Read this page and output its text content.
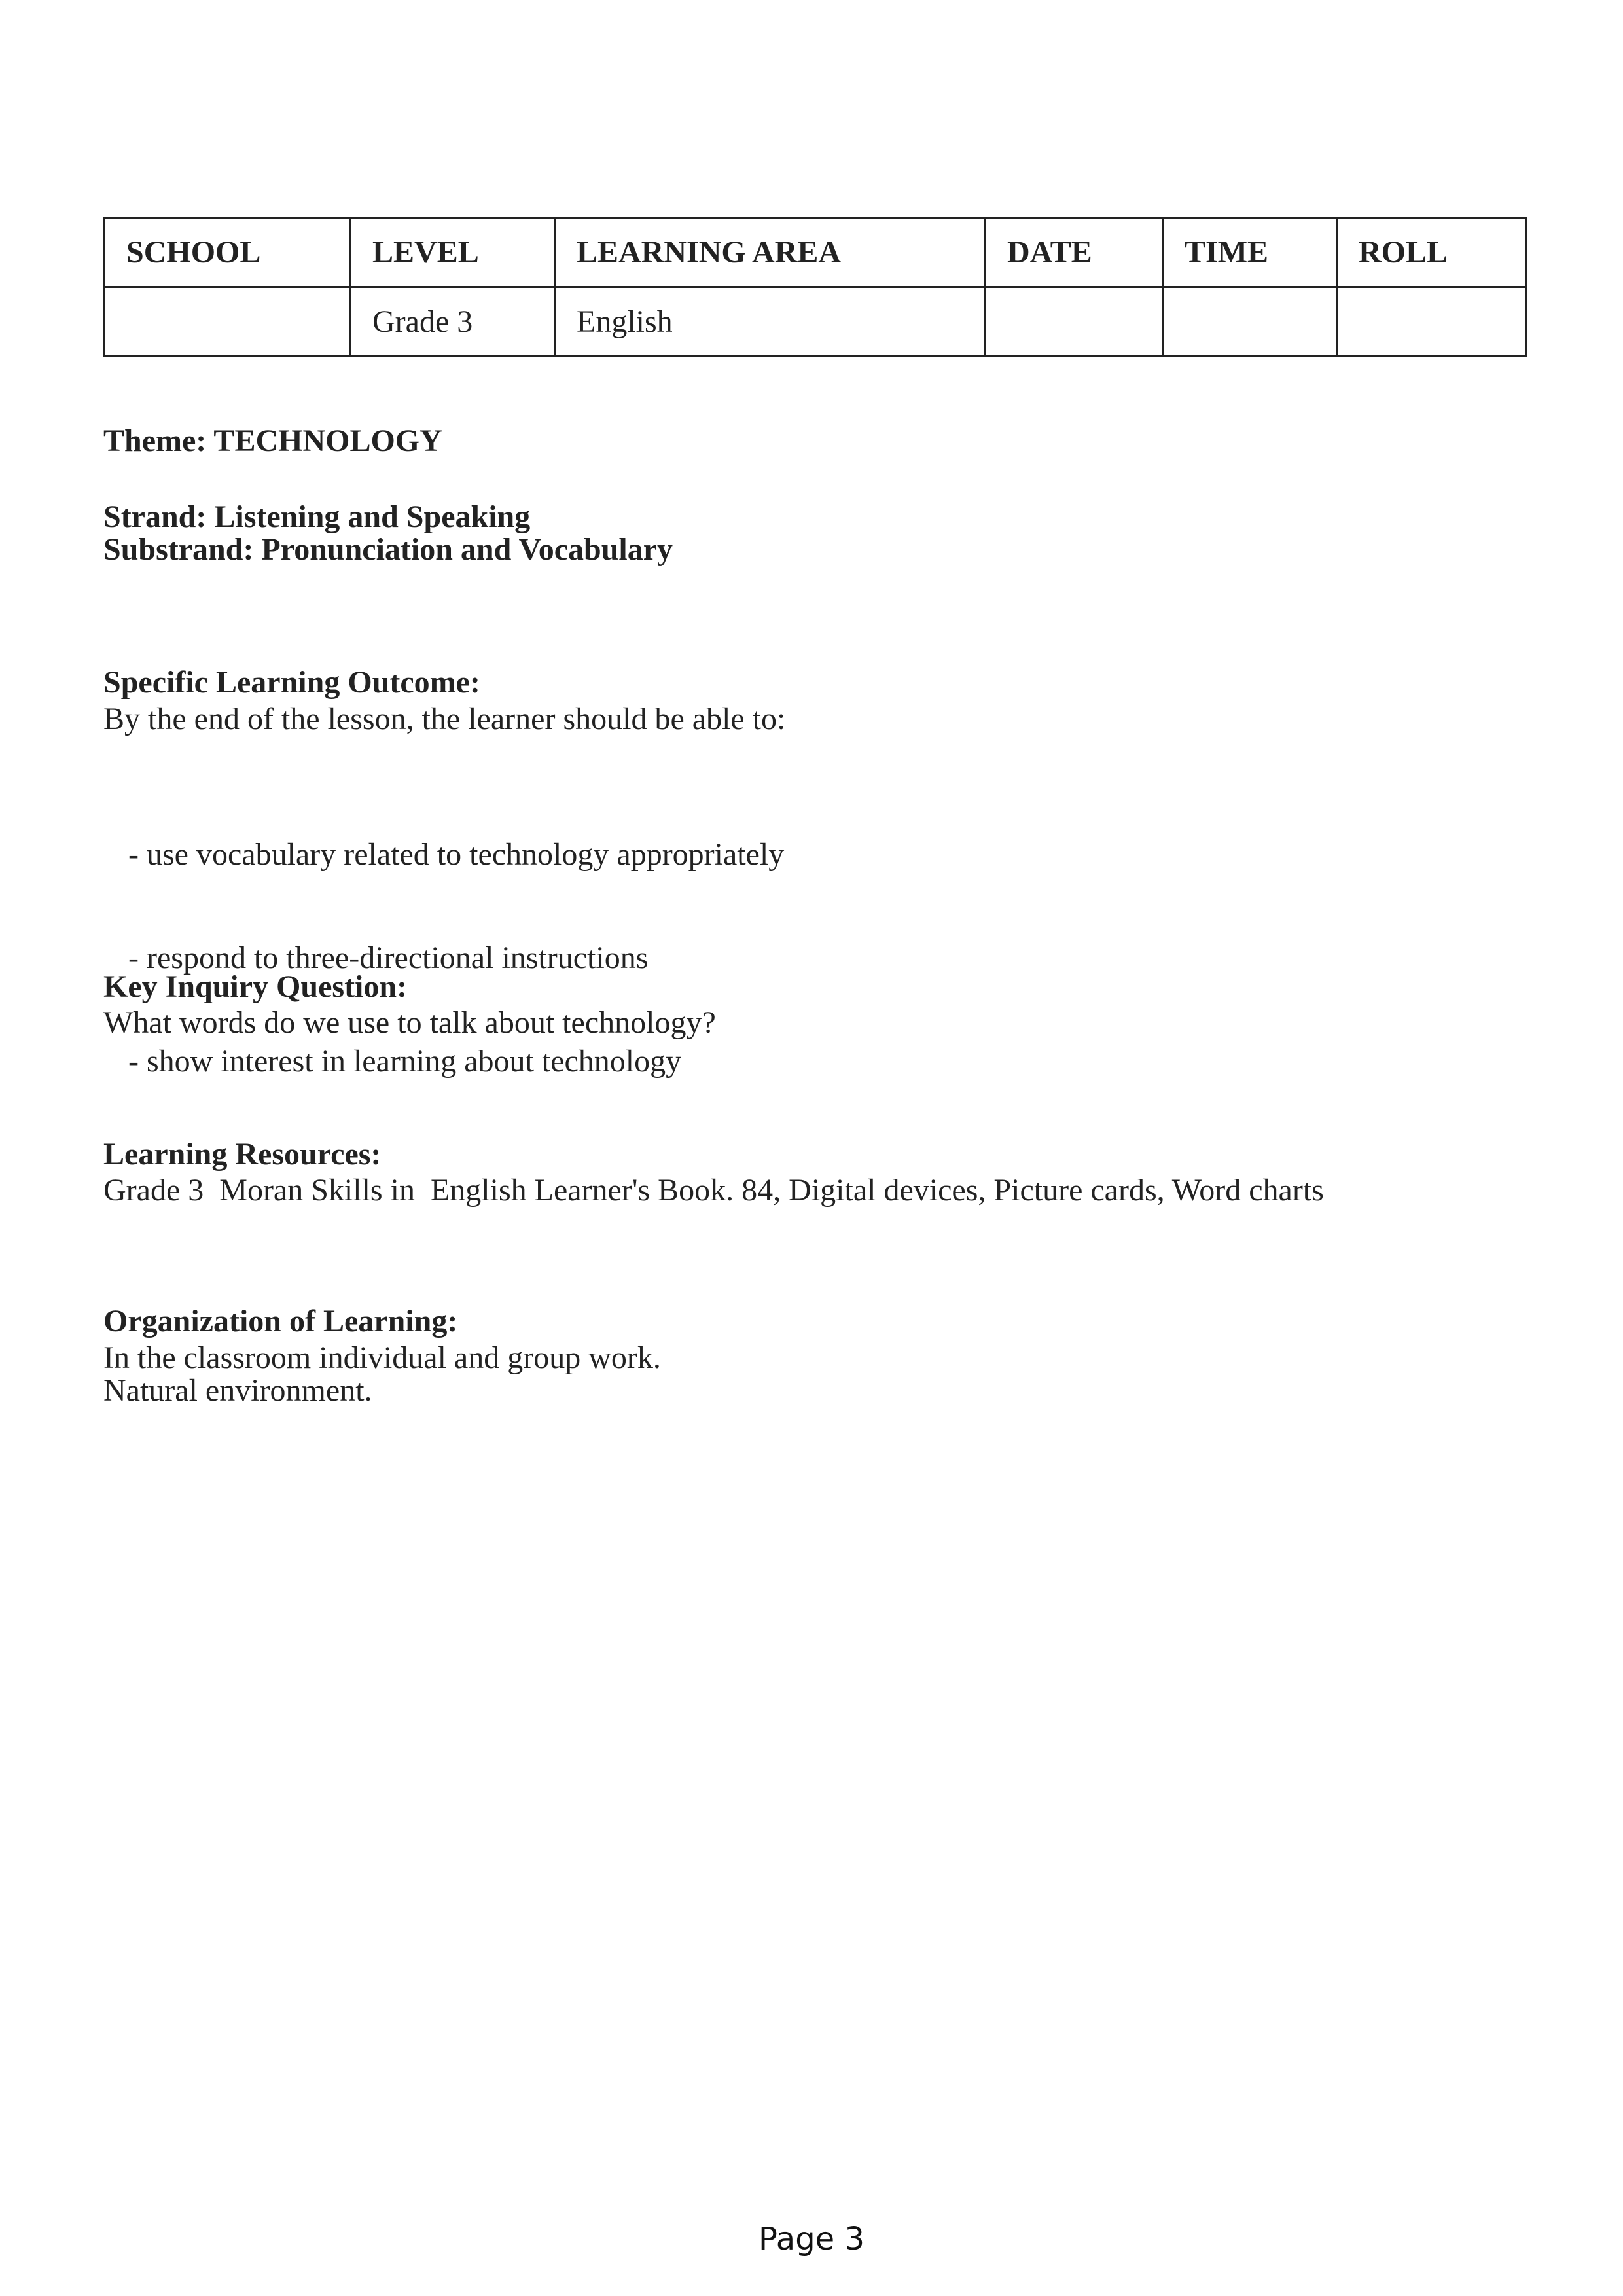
SCHOOL	LEVEL	LEARNING AREA	DATE	TIME	ROLL
	Grade 3	English			
Theme: TECHNOLOGY
Strand: Listening and Speaking
Substrand: Pronunciation and Vocabulary
Specific Learning Outcome:
By the end of the lesson, the learner should be able to:

- use vocabulary related to technology appropriately

- respond to three-directional instructions

- show interest in learning about technology

Key Inquiry Question:
What words do we use to talk about technology?
Learning Resources:
Grade 3  Moran Skills in  English Learner's Book. 84, Digital devices, Picture cards, Word charts
Organization of Learning:
In the classroom individual and group work.
Natural environment.
Page 3
